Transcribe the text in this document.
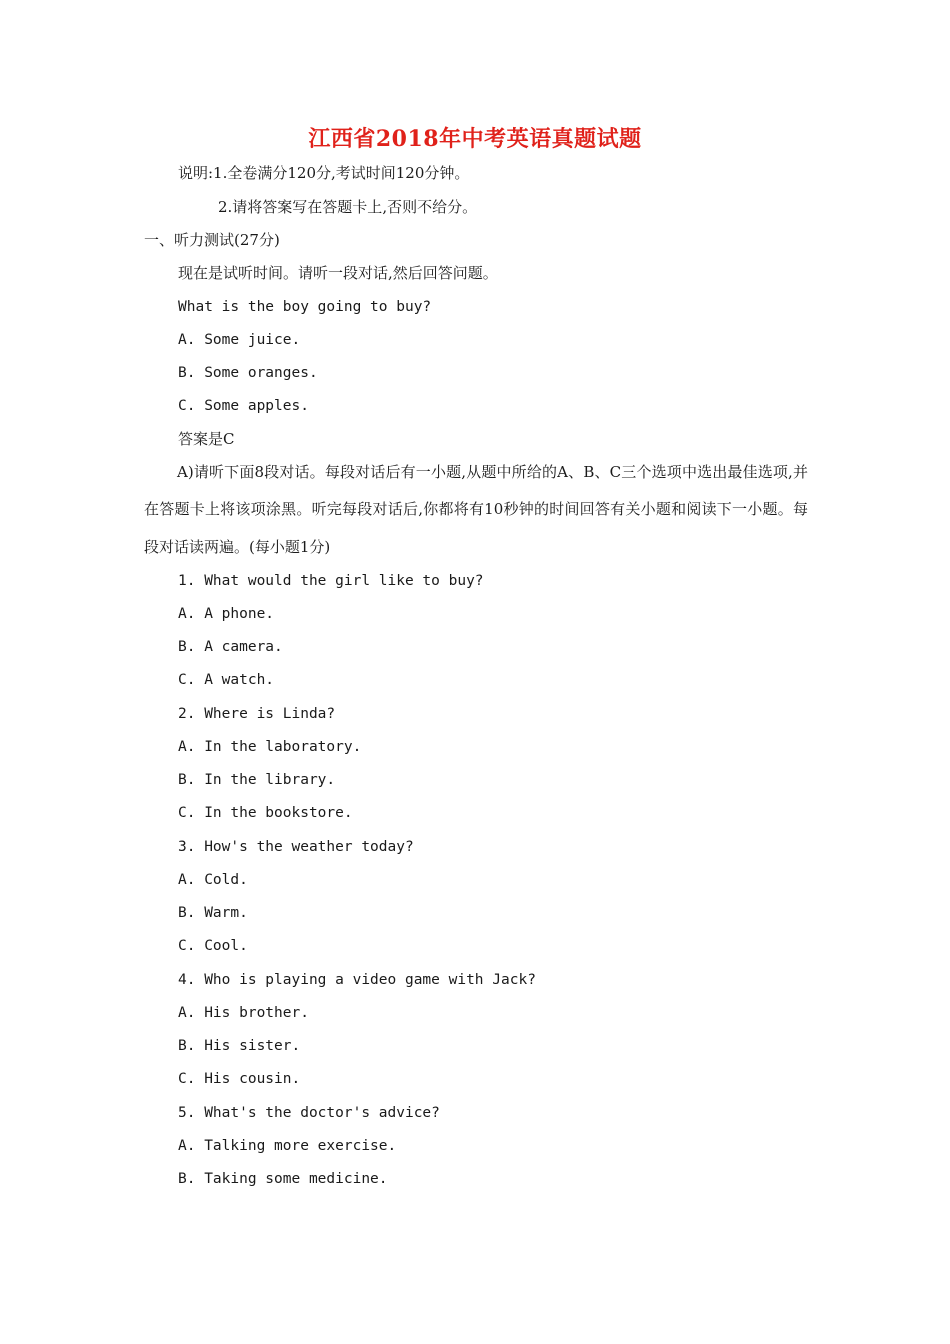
江西省2018年中考英语真题试题
说明:1.全卷满分120分,考试时间120分钟。
2.请将答案写在答题卡上,否则不给分。
一、听力测试(27分)
现在是试听时间。请听一段对话,然后回答问题。
What is the boy going to buy?
A. Some juice.
B. Some oranges.
C. Some apples.
答案是C
A)请听下面8段对话。每段对话后有一小题,从题中所给的A、B、C三个选项中选出最佳选项,并在答题卡上将该项涂黑。听完每段对话后,你都将有10秒钟的时间回答有关小题和阅读下一小题。每段对话读两遍。(每小题1分)
1. What would the girl like to buy?
A. A phone.
B. A camera.
C. A watch.
2. Where is Linda?
A. In the laboratory.
B. In the library.
C. In the bookstore.
3. How's the weather today?
A. Cold.
B. Warm.
C. Cool.
4. Who is playing a video game with Jack?
A. His brother.
B. His sister.
C. His cousin.
5. What's the doctor's advice?
A. Talking more exercise.
B. Taking some medicine.
